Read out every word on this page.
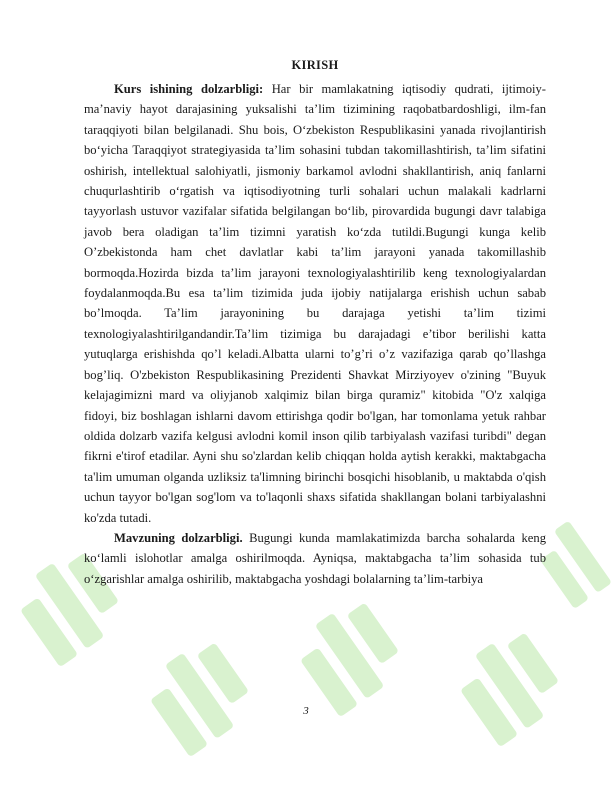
KIRISH

Kurs ishining dolzarbligi: Har bir mamlakatning iqtisodiy qudrati, ijtimoiy-ma’naviy hayot darajasining yuksalishi ta’lim tizimining raqobatbardoshligi, ilm-fan taraqqiyoti bilan belgilanadi. Shu bois, O‘zbekiston Respublikasini yanada rivojlantirish bo‘yicha Taraqqiyot strategiyasida ta’lim sohasini tubdan takomillashtirish, ta’lim sifatini oshirish, intellektual salohiyatli, jismoniy barkamol avlodni shakllantirish, aniq fanlarni chuqurlashtirib o‘rgatish va iqtisodiyotning turli sohalari uchun malakali kadrlarni tayyorlash ustuvor vazifalar sifatida belgilangan bo‘lib, pirovardida bugungi davr talabiga javob bera oladigan ta’lim tizimni yaratish ko‘zda tutildi.Bugungi kunga kelib O’zbekistonda ham chet davlatlar kabi ta’lim jarayoni yanada takomillashib bormoqda.Hozirda bizda ta’lim jarayoni texnologiyalashtirilib keng texnologiyalardan foydalanmoqda.Bu esa ta’lim tizimida juda ijobiy natijalarga erishish uchun sabab bo’lmoqda. Ta’lim jarayonining bu darajaga yetishi ta’lim tizimi texnologiyalashtirilgandandir.Ta’lim tizimiga bu darajadagi e’tibor berilishi katta yutuqlarga erishishda qo’l keladi.Albatta ularni to’g’ri o’z vazifaziga qarab qo’llashga bog’liq. O'zbekiston Respublikasining Prezidenti Shavkat Mirziyoyev o'zining "Buyuk kelajagimizni mard va oliyjanob xalqimiz bilan birga quramiz" kitobida "O'z xalqiga fidoyi, biz boshlagan ishlarni davom ettirishga qodir bo'lgan, har tomonlama yetuk rahbar oldida dolzarb vazifa kelgusi avlodni komil inson qilib tarbiyalash vazifasi turibdi" degan fikrni e'tirof etadilar. Ayni shu so'zlardan kelib chiqqan holda aytish kerakki, maktabgacha ta'lim umuman olganda uzliksiz ta'limning birinchi bosqichi hisoblanib, u maktabda o'qish uchun tayyor bo'lgan sog'lom va to'laqonli shaxs sifatida shakllangan bolani tarbiyalashni ko'zda tutadi.

Mavzuning dolzarbligi. Bugungi kunda mamlakatimizda barcha sohalarda keng ko‘lamli islohotlar amalga oshirilmoqda. Ayniqsa, maktabgacha ta’lim sohasida tub o‘zgarishlar amalga oshirilib, maktabgacha yoshdagi bolalarning ta’lim-tarbiya

3
